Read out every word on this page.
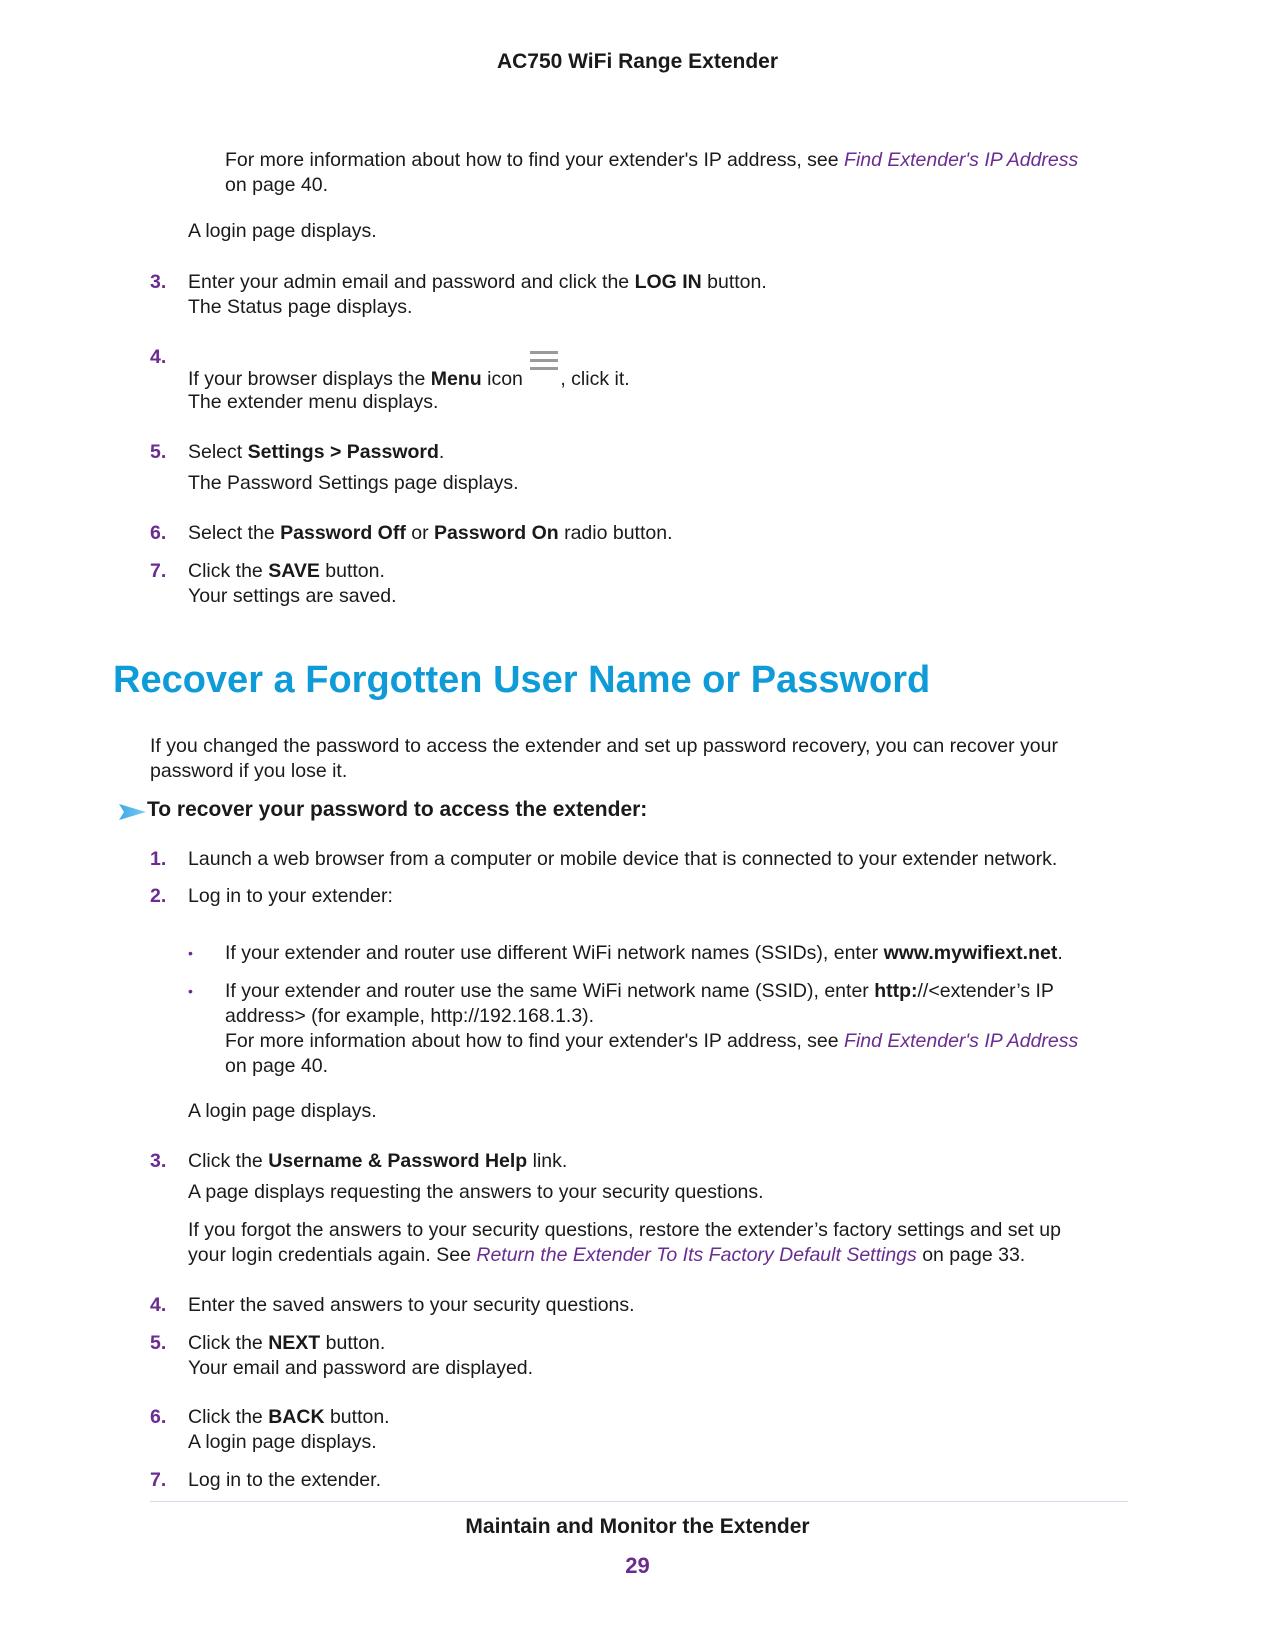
AC750 WiFi Range Extender
For more information about how to find your extender's IP address, see Find Extender's IP Address
on page 40.
A login page displays.
3. Enter your admin email and password and click the LOG IN button.
The Status page displays.
4.
If your browser displays the Menu icon
, click it.
The extender menu displays.
5. Select Settings > Password.
The Password Settings page displays.
6. Select the Password Off or Password On radio button.
7. Click the SAVE button.
Your settings are saved.
Recover a Forgotten User Name or Password
If you changed the password to access the extender and set up password recovery, you can recover your
password if you lose it.
To recover your password to access the extender:
1. Launch a web browser from a computer or mobile device that is connected to your extender network.
2. Log in to your extender:
• If your extender and router use different WiFi network names (SSIDs), enter www.mywifiext.net.
• If your extender and router use the same WiFi network name (SSID), enter http://<extender’s IP
address> (for example, http://192.168.1.3).
For more information about how to find your extender's IP address, see Find Extender's IP Address
on page 40.
A login page displays.
3. Click the Username & Password Help link.
A page displays requesting the answers to your security questions.
If you forgot the answers to your security questions, restore the extender’s factory settings and set up
your login credentials again. See Return the Extender To Its Factory Default Settings on page 33.
4. Enter the saved answers to your security questions.
5. Click the NEXT button.
Your email and password are displayed.
6. Click the BACK button.
A login page displays.
7. Log in to the extender.
Maintain and Monitor the Extender
29
